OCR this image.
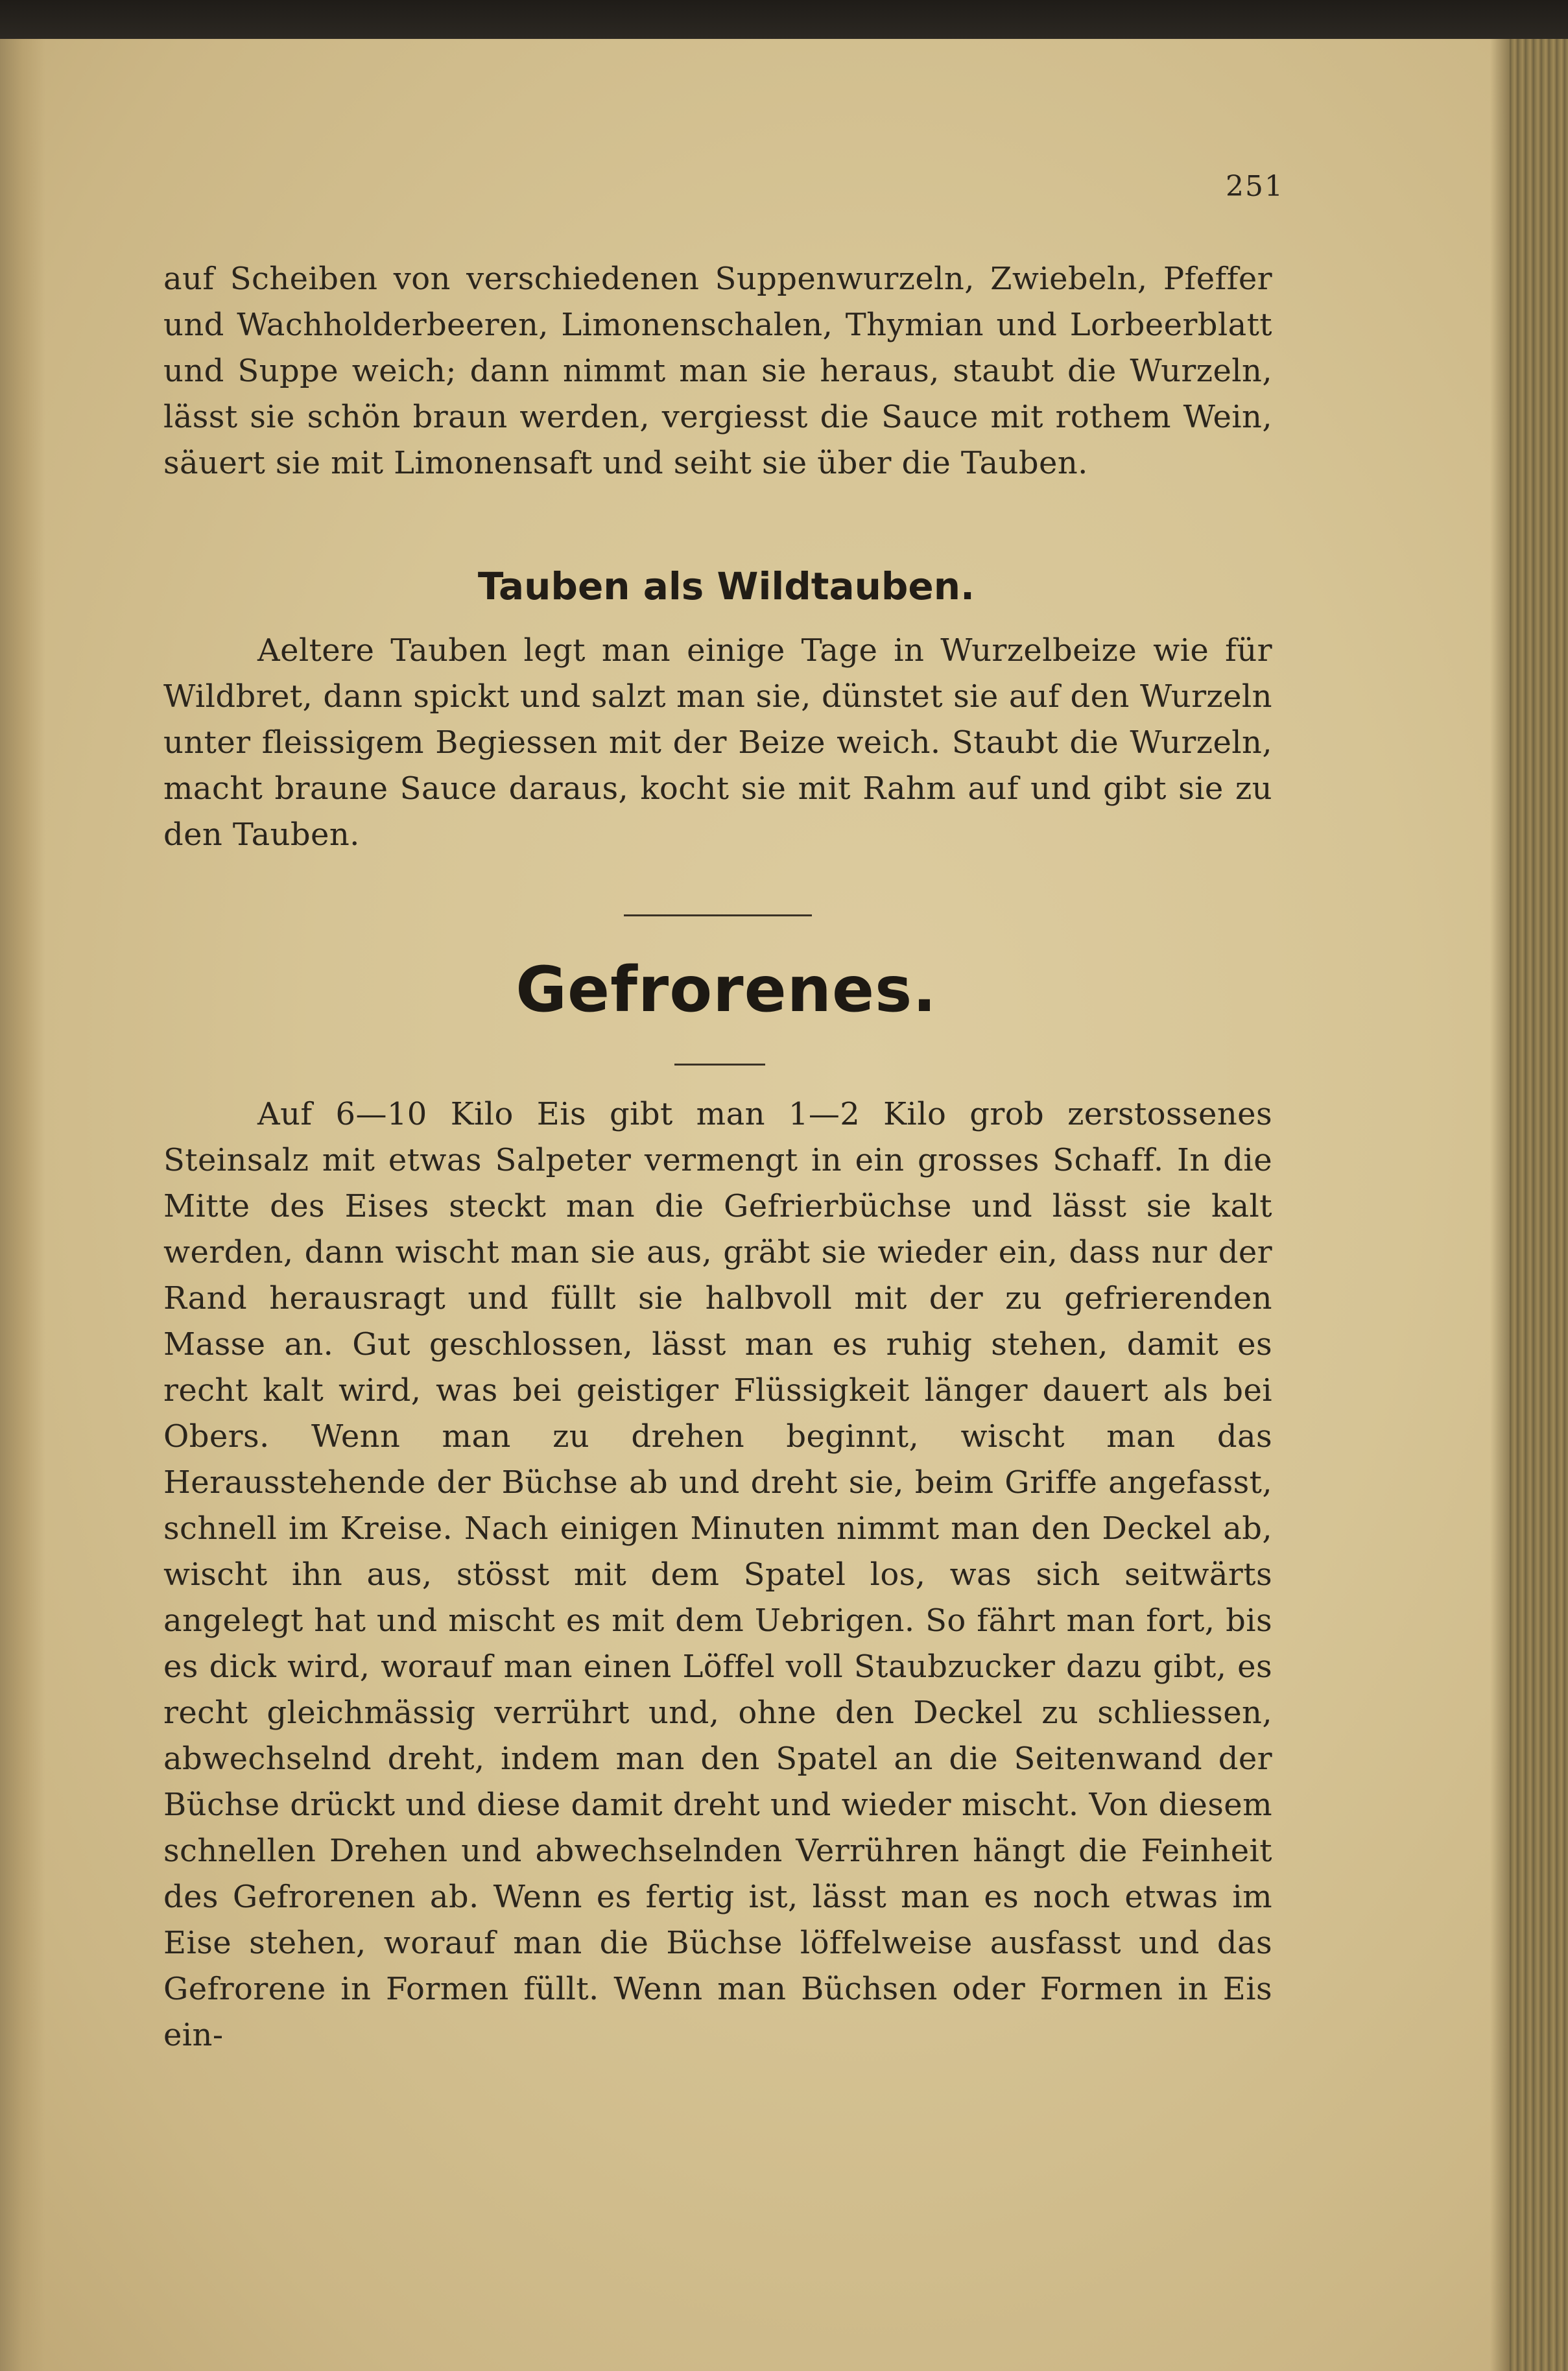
251
auf Scheiben von verschiedenen Suppenwurzeln, Zwiebeln, Pfeffer und Wachholderbeeren, Limonenschalen, Thymian und Lorbeerblatt und Suppe weich; dann nimmt man sie heraus, staubt die Wurzeln, lässt sie schön braun werden, vergiesst die Sauce mit rothem Wein, säuert sie mit Limonensaft und seiht sie über die Tauben.
Tauben als Wildtauben.
Aeltere Tauben legt man einige Tage in Wurzelbeize wie für Wildbret, dann spickt und salzt man sie, dünstet sie auf den Wurzeln unter fleissigem Begiessen mit der Beize weich. Staubt die Wurzeln, macht braune Sauce daraus, kocht sie mit Rahm auf und gibt sie zu den Tauben.
Gefrorenes.
Auf 6—10 Kilo Eis gibt man 1—2 Kilo grob zerstossenes Steinsalz mit etwas Salpeter vermengt in ein grosses Schaff. In die Mitte des Eises steckt man die Gefrierbüchse und lässt sie kalt werden, dann wischt man sie aus, gräbt sie wieder ein, dass nur der Rand herausragt und füllt sie halbvoll mit der zu gefrierenden Masse an. Gut geschlossen, lässt man es ruhig stehen, damit es recht kalt wird, was bei geistiger Flüssigkeit länger dauert als bei Obers. Wenn man zu drehen beginnt, wischt man das Herausstehende der Büchse ab und dreht sie, beim Griffe angefasst, schnell im Kreise. Nach einigen Minuten nimmt man den Deckel ab, wischt ihn aus, stösst mit dem Spatel los, was sich seitwärts angelegt hat und mischt es mit dem Uebrigen. So fährt man fort, bis es dick wird, worauf man einen Löffel voll Staubzucker dazu gibt, es recht gleichmässig verrührt und, ohne den Deckel zu schliessen, abwechselnd dreht, indem man den Spatel an die Seitenwand der Büchse drückt und diese damit dreht und wieder mischt. Von diesem schnellen Drehen und abwechselnden Verrühren hängt die Feinheit des Gefrorenen ab. Wenn es fertig ist, lässt man es noch etwas im Eise stehen, worauf man die Büchse löffelweise ausfasst und das Gefrorene in Formen füllt. Wenn man Büchsen oder Formen in Eis ein-
